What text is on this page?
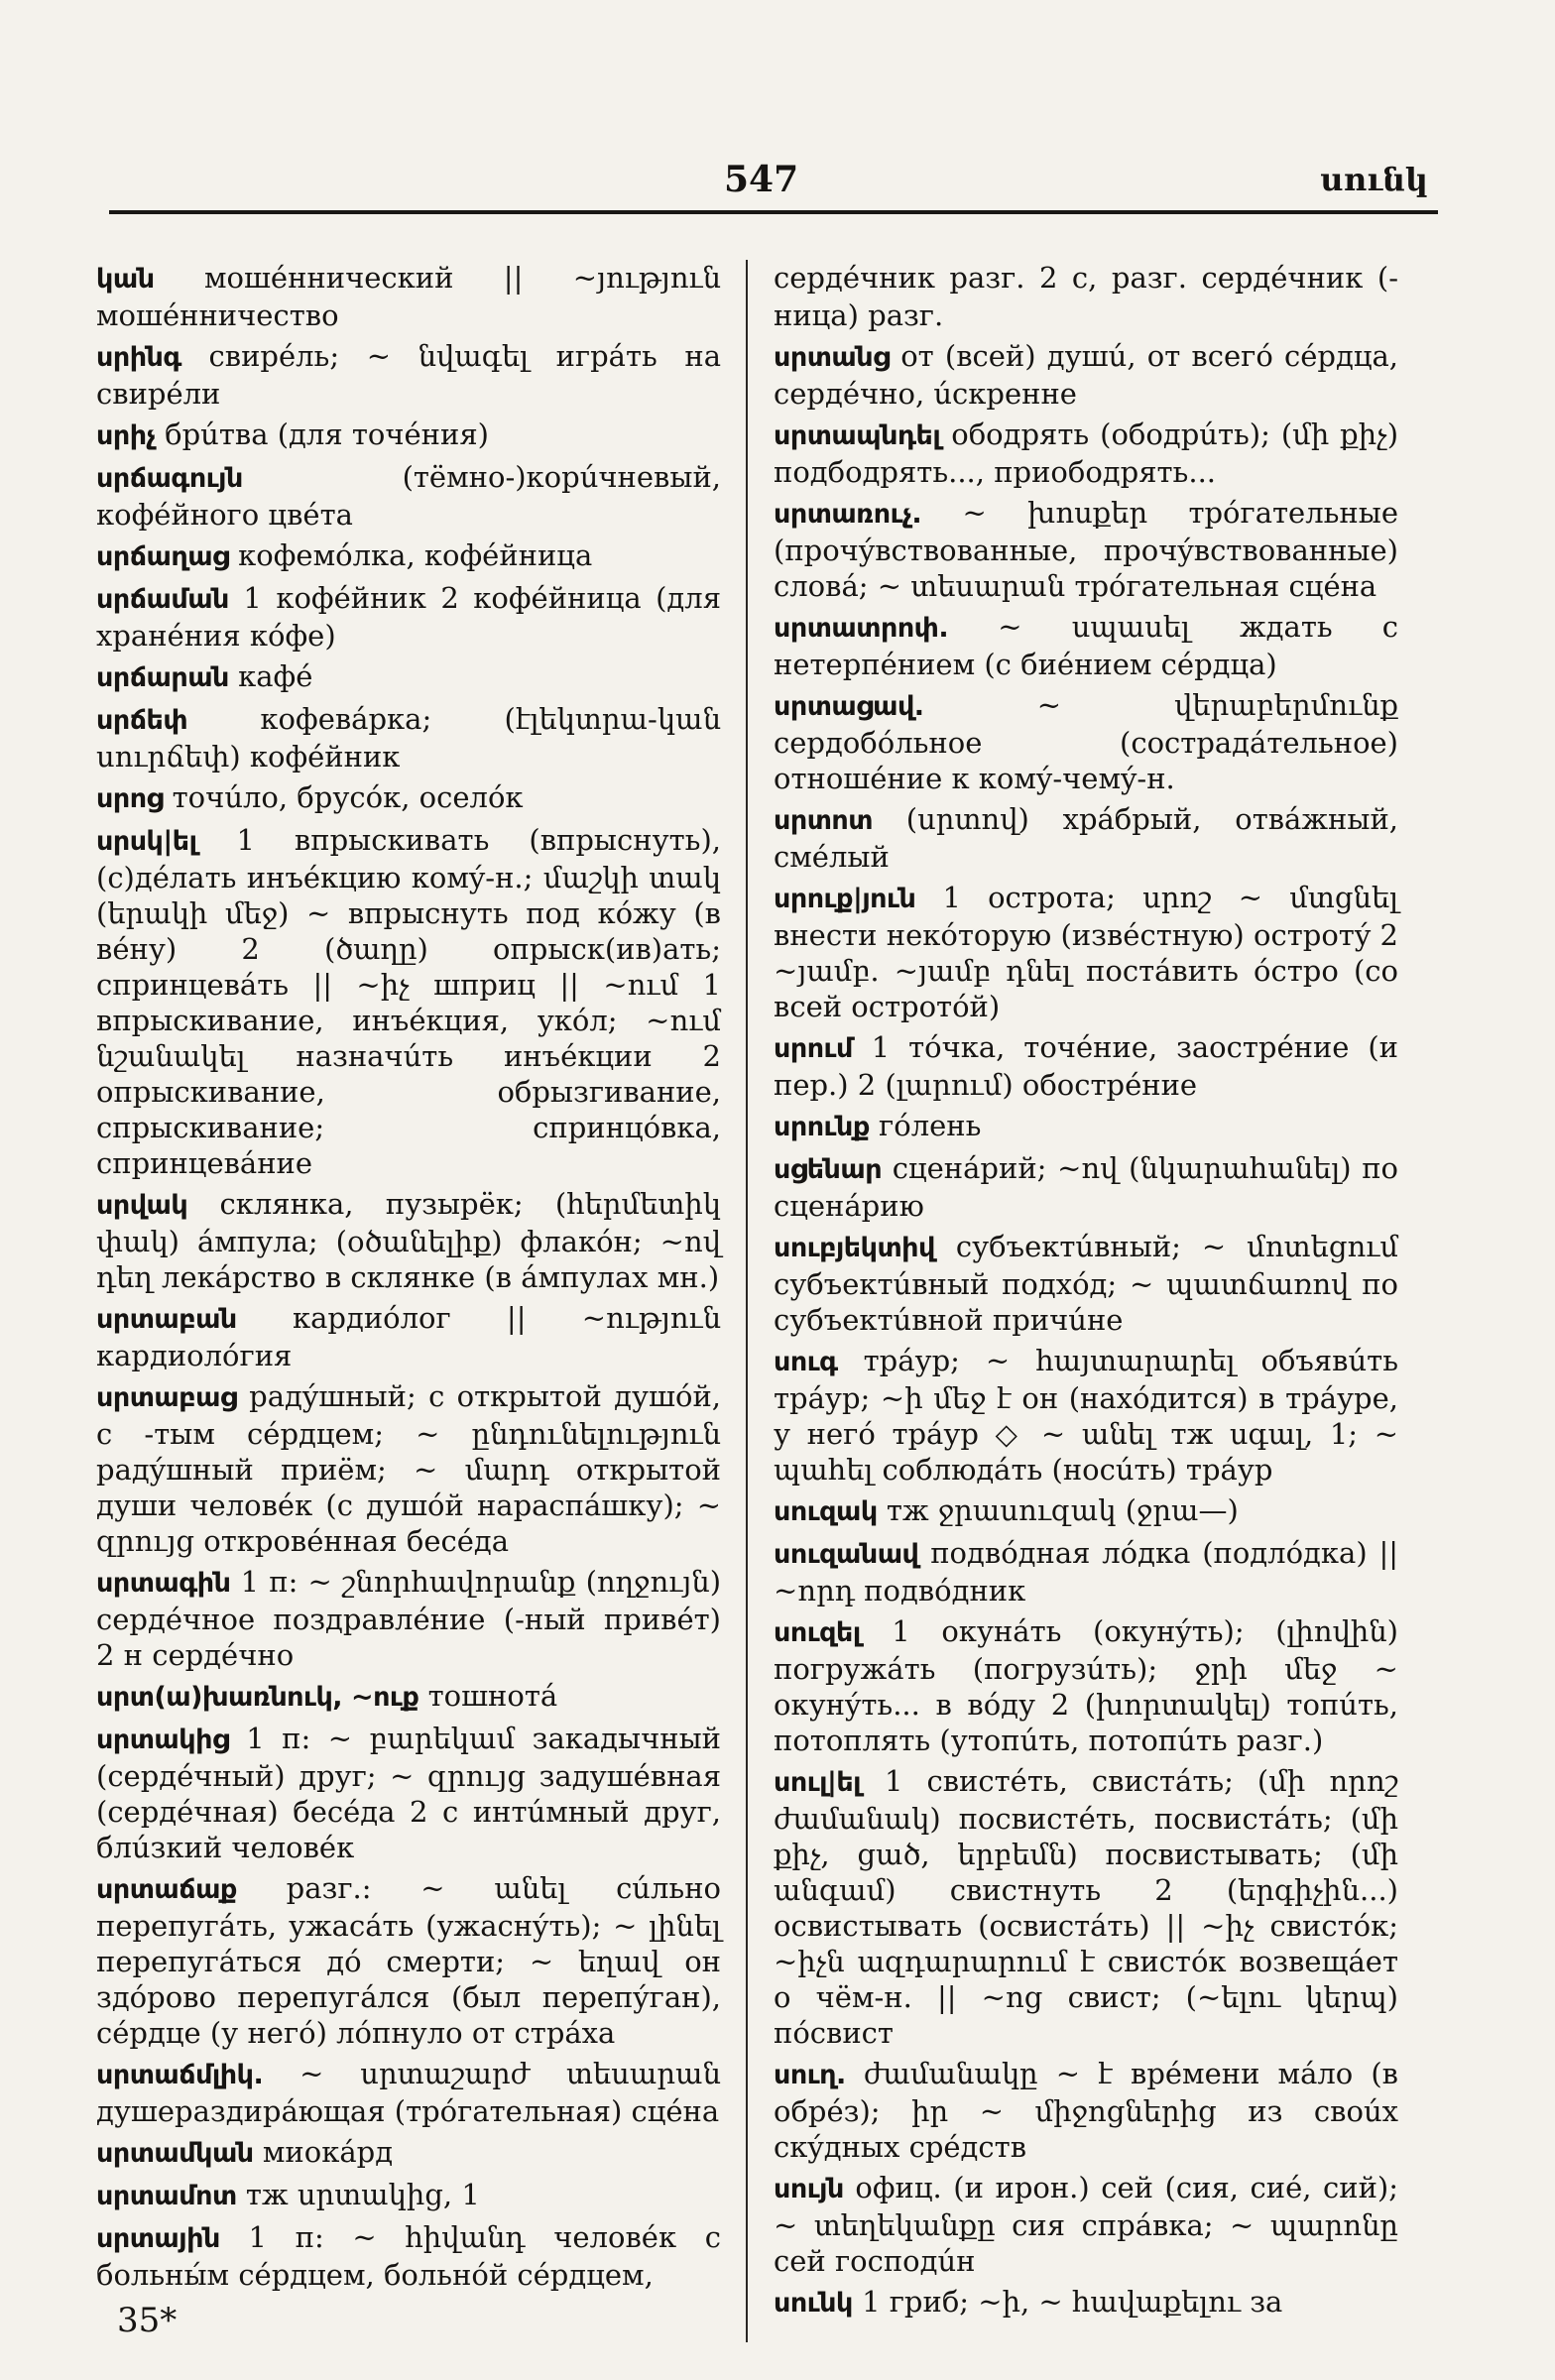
547	սունկ

կան мошéннический || ~յություն мошéнничество

սրինգ свирéль; ~ նվագել игрáть на свирéли

սրիչ брúтва (для точéния)

սրճագույն	(тёмно-)корúчневый, кофéйного цвéта

սրճաղաց кофемóлка, кофéйница

սրճաման 1 кофéйник 2 кофéйница (для хранéния кóфе)

սրճարան кафé

սրճեփ	кофевáрка; (էլեկտրա-կան սուրճեփ) кофéйник

սրոց точúло, брусóк, оселóк

սրսկ|ել 1 впрыскивать (впрыснуть), (с)дéлать инъéкцию комý-н.; մաշկի տակ (երակի մեջ) ~ впрыснуть под кóжу (в вéну) 2 (ծաղը) опрыск(ив)ать; спринцевáть || ~իչ шприц || ~ում 1 впрыскивание, инъéкция, укóл; ~ում նշանակել назначúть инъéкции 2 опрыскивание, обрызгивание, спрыскивание; спринцóвка, спринцевáние

սրվակ склянка, пузырёк; (հերմետիկ փակ) áмпула; (օծանելիք) флакóн; ~ով դեղ лекáрство в склянке (в áмпулах мн.)

սրտաբան кардиóлог || ~ություն кардиолóгия

սրտաբաց радýшный; с открытой душóй, с -тым сéрдцем; ~ ընդունելություն радýшный приём; ~ մարդ открытой души человéк (с душóй нараспáшку); ~ զրույց откровéнная бесéда

սրտագին 1 п: ~ շնորհավորանք (ողջույն) сердéчное поздравлéние (-ный привéт) 2 н сердéчно

սրտ(ա)խառնուկ, ~ուք тошнотá

սրտակից 1 п: ~ բարեկամ закадычный (сердéчный) друг; ~ զրույց задушéвная (сердéчная) бесéда 2 с интúмный друг, блúзкий человéк

սրտաճաք разг.: ~ անել сúльно перепугáть, ужасáть (ужаснýть); ~ լինել перепугáться дó смерти; ~ եղավ он здóрово перепугáлся (был перепýган), сéрдце (у негó) лóпнуло от стрáха

սրտաճմլիկ. ~ սրտաշարժ տեսարան душераздирáющая (трóгательная) сцéна

սրտամկան миокáрд

սրտամոտ тж սրտակից, 1

սրտային 1 п: ~ հիվանդ человéк с больны́м сéрдцем, больнóй сéрдцем,

сердéчник разг. 2 с, разг. сердéчник (-ница) разг.

սրտանց от (всей) душú, от всегó сéрдца, сердéчно, úскренне

սրտապնդել ободрять (ободрúть); (մի քիչ) подбодрять..., приободрять...

սրտառուչ. ~ խոսքեր трóгательные (прочýвствованные, прочýвствованные) словá; ~ տեսարան трóгательная сцéна

սրտատրոփ. ~ սպասել ждать с нетерпéнием (с биéнием сéрдца)

սրտացավ.	~ վերաբերմունք сердобóльное (сострадáтельное) отношéние к комý-чемý-н.

սրտոտ (սրտով) хрáбрый, отвáжный, смéлый

սրուք|յուն 1 острота; սրոշ ~ մտցնել внести некóторую (извéстную) остротý 2 ~յամբ. ~յամբ դնել постáвить óстро (со всей остротóй)

սրում 1 тóчка, точéние, заострéние (и пер.) 2 (լարում) обострéние

սրունք гóлень

սցենար сценáрий; ~ով (նկարահանել) по сценáрию

սուբյեկտիվ субъектúвный; ~ մոտեցում субъектúвный подхóд; ~ պատճառով по субъектúвной причúне

սուգ трáур; ~ հայտարարել объявúть трáур; ~ի մեջ է он (нахóдится) в трáуре, у негó трáур ◇ ~ անել тж սգալ, 1; ~ պահել соблюдáть (носúть) трáур

սուզակ тж ջրասուզակ (ջրա—)

սուզանավ подвóдная лóдка (подлóдка) || ~որդ подвóдник

սուզել 1 окунáть (окунýть); (լիովին) погружáть (погрузúть); ջրի մեջ ~ окунýть... в вóду 2 (խորտակել) топúть, потоплять (утопúть, потопúть разг.)

սուլ|ել 1 свистéть, свистáть; (մի որոշ ժամանակ) посвистéть, посвистáть; (մի քիչ, ցած, երբեմն) посвистывать; (մի անգամ) свистнуть 2 (երգիչին...) освистывать (освистáть) || ~իչ свистóк; ~իչն ազդարարում է свистóк возвещáет о чём-н. || ~ոց свист; (~ելու կերպ) пóсвист

սուղ. ժամանակը ~ է врéмени мáло (в обрéз); իր ~ միջոցներից из своúх скýдных срéдств

սույն офиц. (и ирон.) сей (сия, сиé, сий); ~ տեղեկանքը сия спрáвка; ~ պարոնը сей господúн

սունկ 1 гриб; ~ի, ~ հավաքելու за

35*
